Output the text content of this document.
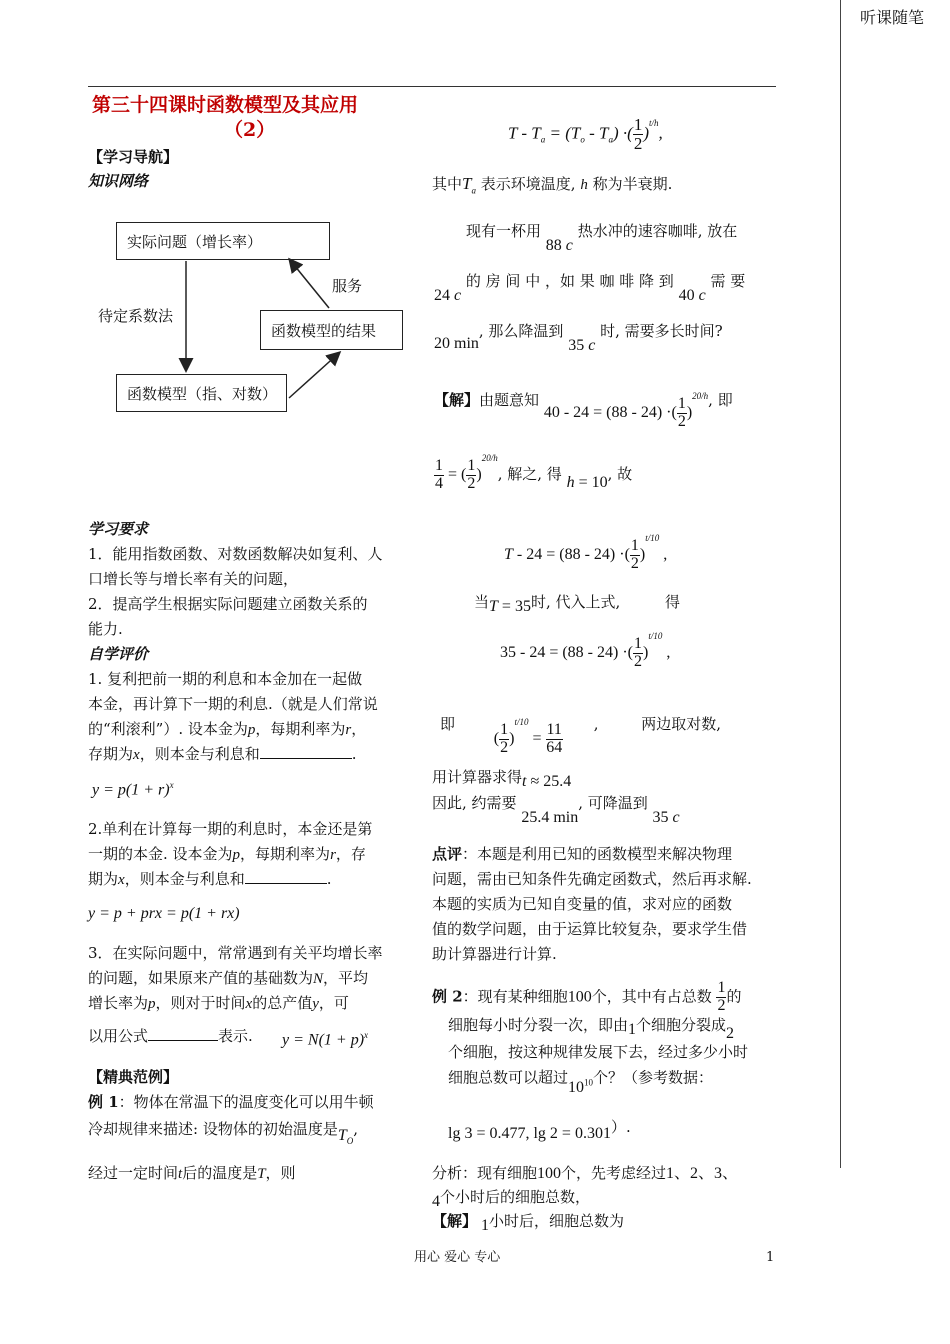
听课随笔
第三十四课时函数模型及其应用
（2）
【学习导航】
知识网络
实际问题（增长率）
函数模型的结果
函数模型（指、对数）
待定系数法
服务
学习要求
1．能用指数函数、对数函数解决如复利、人
口增长等与增长率有关的问题，
2．提高学生根据实际问题建立函数关系的
能力.
自学评价
1. 复利把前一期的利息和本金加在一起做
本金，再计算下一期的利息.（就是人们常说
的“利滚利”）. 设本金为p，每期利率为r，
存期为x，则本金与利息和	.
$y = p(1 + r)^x$
2.单利在计算每一期的利息时，本金还是第
一期的本金. 设本金为p，每期利率为r，存
期为x，则本金与利息和	.
y = p + prx = p(1 + rx)
3．在实际问题中，常常遇到有关平均增长率
的问题，如果原来产值的基础数为N，平均
增长率为p，则对于时间x的总产值y，可
以用公式	表示. $y = N(1 + p)^x$
【精典范例】
例 1：物体在常温下的温度变化可以用牛顿
冷却规律来描述: 设物体的初始温度是$T_O$,
经过一定时间t后的温度是T，则
$T - T_a = (T_o - T_a)$ ·( $\frac{1}{2} )^{t/h}$,
其中$T_a$ 表示环境温度, h 称为半衰期.
现有一杯用 88 c 热水冲的速容咖啡, 放在
24 c 的 房 间 中 ，如 果 咖 啡 降 到 40 c 需 要
20 min, 那么降温到 35 c 时, 需要多长时间?
【解】由题意知 40 - 24 = (88 - 24) ·( $\frac{1}{2} )^{20/h}$, 即
$\frac{1}{4}$ = ( $\frac{1}{2} )^{20/h}$, 解之, 得 h = 10, 故
T - 24 = (88 - 24) ·( $\frac{1}{2} )^{t/10}$ ,
当T = 35时, 代入上式,	得
35 - 24 = (88 - 24) ·( $\frac{1}{2} )^{t/10}$ ,
即 ( $\frac{1}{2} )^{t/10} = \frac{11}{64}$ ,	两边取对数,
用计算器求得t ≈ 25.4
因此, 约需要 25.4 min, 可降温到 35 c
点评：本题是利用已知的函数模型来解决物理
问题，需由已知条件先确定函数式，然后再求解.
本题的实质为已知自变量的值，求对应的函数
值的数学问题，由于运算比较复杂，要求学生借
助计算器进行计算.
例 2：现有某种细胞100个，其中有占总数 $\frac{1}{2}$ 的
细胞每小时分裂一次，即由1个细胞分裂成2
个细胞，按这种规律发展下去，经过多少小时
细胞总数可以超过$10^{10}$个？（参考数据：
lg 3 = 0.477, lg 2 = 0.301）.
分析：现有细胞100个，先考虑经过1、2、3、
4个小时后的细胞总数，
【解】 1小时后，细胞总数为
用心 爱心 专心	1
